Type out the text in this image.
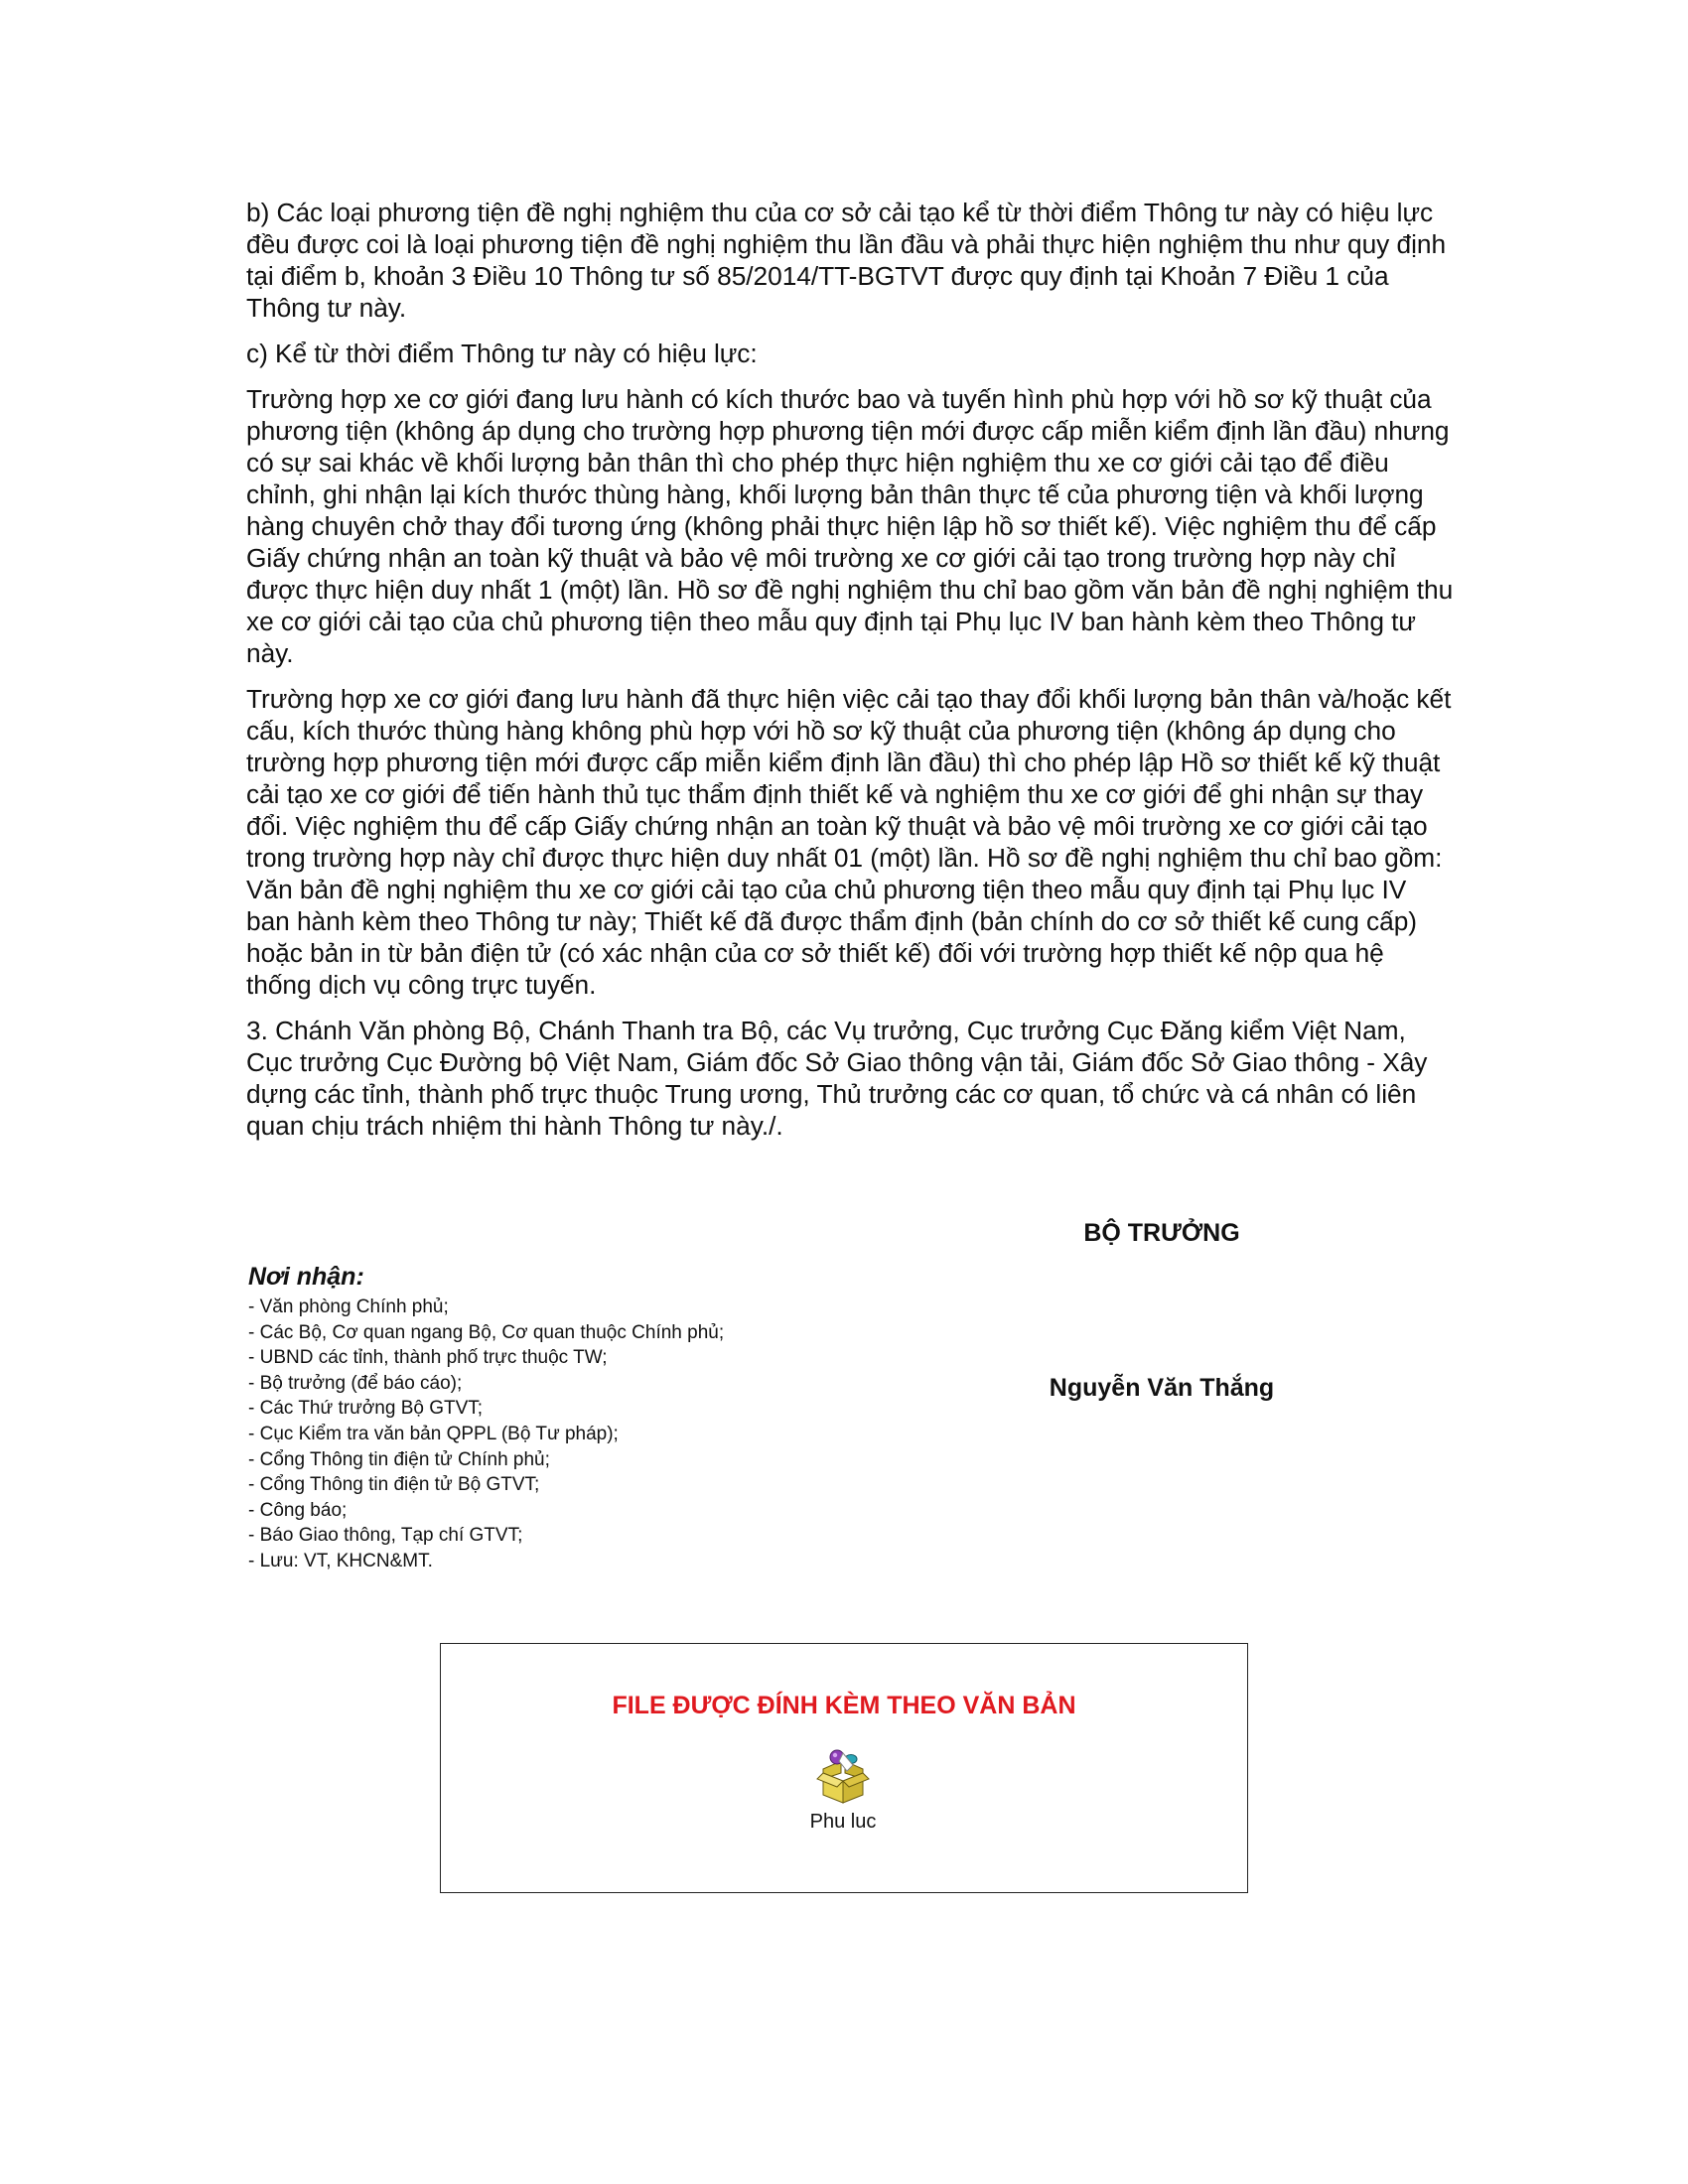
b) Các loại phương tiện đề nghị nghiệm thu của cơ sở cải tạo kể từ thời điểm Thông tư này có hiệu lực đều được coi là loại phương tiện đề nghị nghiệm thu lần đầu và phải thực hiện nghiệm thu như quy định tại điểm b, khoản 3 Điều 10 Thông tư số 85/2014/TT-BGTVT được quy định tại Khoản 7 Điều 1 của Thông tư này.

c) Kể từ thời điểm Thông tư này có hiệu lực:

Trường hợp xe cơ giới đang lưu hành có kích thước bao và tuyến hình phù hợp với hồ sơ kỹ thuật của phương tiện (không áp dụng cho trường hợp phương tiện mới được cấp miễn kiểm định lần đầu) nhưng có sự sai khác về khối lượng bản thân thì cho phép thực hiện nghiệm thu xe cơ giới cải tạo để điều chỉnh, ghi nhận lại kích thước thùng hàng, khối lượng bản thân thực tế của phương tiện và khối lượng hàng chuyên chở thay đổi tương ứng (không phải thực hiện lập hồ sơ thiết kế). Việc nghiệm thu để cấp Giấy chứng nhận an toàn kỹ thuật và bảo vệ môi trường xe cơ giới cải tạo trong trường hợp này chỉ được thực hiện duy nhất 1 (một) lần. Hồ sơ đề nghị nghiệm thu chỉ bao gồm văn bản đề nghị nghiệm thu xe cơ giới cải tạo của chủ phương tiện theo mẫu quy định tại Phụ lục IV ban hành kèm theo Thông tư này.

Trường hợp xe cơ giới đang lưu hành đã thực hiện việc cải tạo thay đổi khối lượng bản thân và/hoặc kết cấu, kích thước thùng hàng không phù hợp với hồ sơ kỹ thuật của phương tiện (không áp dụng cho trường hợp phương tiện mới được cấp miễn kiểm định lần đầu) thì cho phép lập Hồ sơ thiết kế kỹ thuật cải tạo xe cơ giới để tiến hành thủ tục thẩm định thiết kế và nghiệm thu xe cơ giới để ghi nhận sự thay đổi. Việc nghiệm thu để cấp Giấy chứng nhận an toàn kỹ thuật và bảo vệ môi trường xe cơ giới cải tạo trong trường hợp này chỉ được thực hiện duy nhất 01 (một) lần. Hồ sơ đề nghị nghiệm thu chỉ bao gồm: Văn bản đề nghị nghiệm thu xe cơ giới cải tạo của chủ phương tiện theo mẫu quy định tại Phụ lục IV ban hành kèm theo Thông tư này; Thiết kế đã được thẩm định (bản chính do cơ sở thiết kế cung cấp) hoặc bản in từ bản điện tử (có xác nhận của cơ sở thiết kế) đối với trường hợp thiết kế nộp qua hệ thống dịch vụ công trực tuyến.

3. Chánh Văn phòng Bộ, Chánh Thanh tra Bộ, các Vụ trưởng, Cục trưởng Cục Đăng kiểm Việt Nam, Cục trưởng Cục Đường bộ Việt Nam, Giám đốc Sở Giao thông vận tải, Giám đốc Sở Giao thông - Xây dựng các tỉnh, thành phố trực thuộc Trung ương, Thủ trưởng các cơ quan, tổ chức và cá nhân có liên quan chịu trách nhiệm thi hành Thông tư này./.

BỘ TRƯỞNG

Nguyễn Văn Thắng

Nơi nhận:

- Văn phòng Chính phủ;
- Các Bộ, Cơ quan ngang Bộ, Cơ quan thuộc Chính phủ;
- UBND các tỉnh, thành phố trực thuộc TW;
- Bộ trưởng (để báo cáo);
- Các Thứ trưởng Bộ GTVT;
- Cục Kiểm tra văn bản QPPL (Bộ Tư pháp);
- Cổng Thông tin điện tử Chính phủ;
- Cổng Thông tin điện tử Bộ GTVT;
- Công báo;
- Báo Giao thông, Tạp chí GTVT;
- Lưu: VT, KHCN&MT.

FILE ĐƯỢC ĐÍNH KÈM THEO VĂN BẢN

Phu luc
